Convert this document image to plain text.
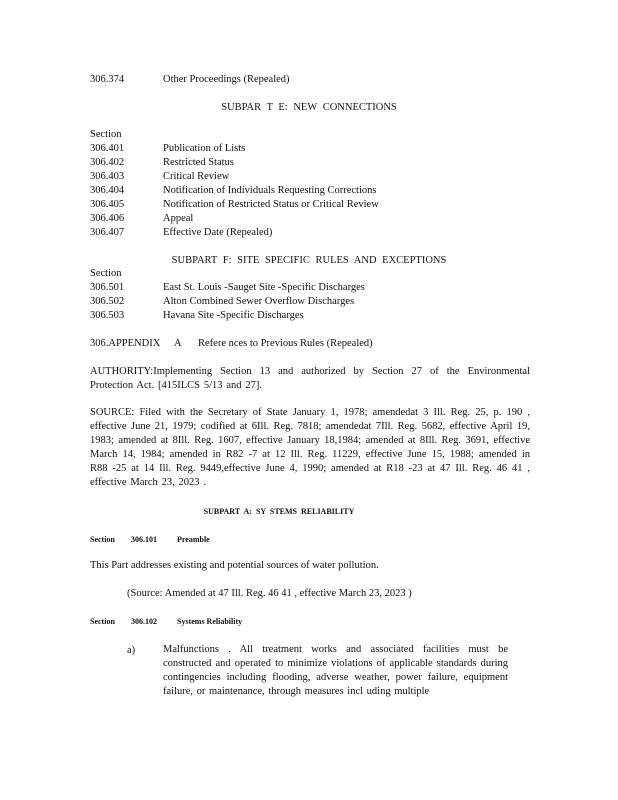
306.374	Other Proceedings (Repealed)
SUBPAR T E: NEW CONNECTIONS
Section
306.401	Publication of Lists
306.402	Restricted Status
306.403	Critical Review
306.404	Notification of Individuals Requesting Corrections
306.405	Notification of Restricted Status or Critical Review
306.406	Appeal
306.407	Effective Date (Repealed)
SUBPART F: SITE SPECIFIC RULES AND EXCEPTIONS
Section
306.501	East St. Louis -Sauget Site -Specific Discharges
306.502	Alton Combined Sewer Overflow Discharges
306.503	Havana Site -Specific Discharges
306.APPENDIX A Refere nces to Previous Rules (Repealed)
AUTHORITY:Implementing Section 13 and authorized by Section 27 of the Environmental Protection Act. [415ILCS 5/13 and 27].
SOURCE: Filed with the Secretary of State January 1, 1978; amendedat 3 Ill. Reg. 25, p. 190 , effective June 21, 1979; codified at 6Ill. Reg. 7818; amendedat 7Ill. Reg. 5682, effective April 19, 1983; amended at 8Ill. Reg. 1607, effective January 18,1984; amended at 8Ill. Reg. 3691, effective March 14, 1984; amended in R82 -7 at 12 Ill. Reg. 11229, effective June 15, 1988; amended in R88 -25 at 14 Ill. Reg. 9449,effective June 4, 1990; amended at R18 -23 at 47 Ill. Reg. 46 41 , effective March 23, 2023 .
SUBPART A: SY STEMS RELIABILITY
Section 306.101	Preamble
This Part addresses existing and potential sources of water pollution.
(Source: Amended at 47 Ill. Reg. 46 41 , effective March 23, 2023 )
Section 306.102	Systems Reliability
a)	Malfunctions . All treatment works and associated facilities must be constructed and operated to minimize violations of applicable standards during contingencies including flooding, adverse weather, power failure, equipment failure, or maintenance, through measures incl uding multiple
